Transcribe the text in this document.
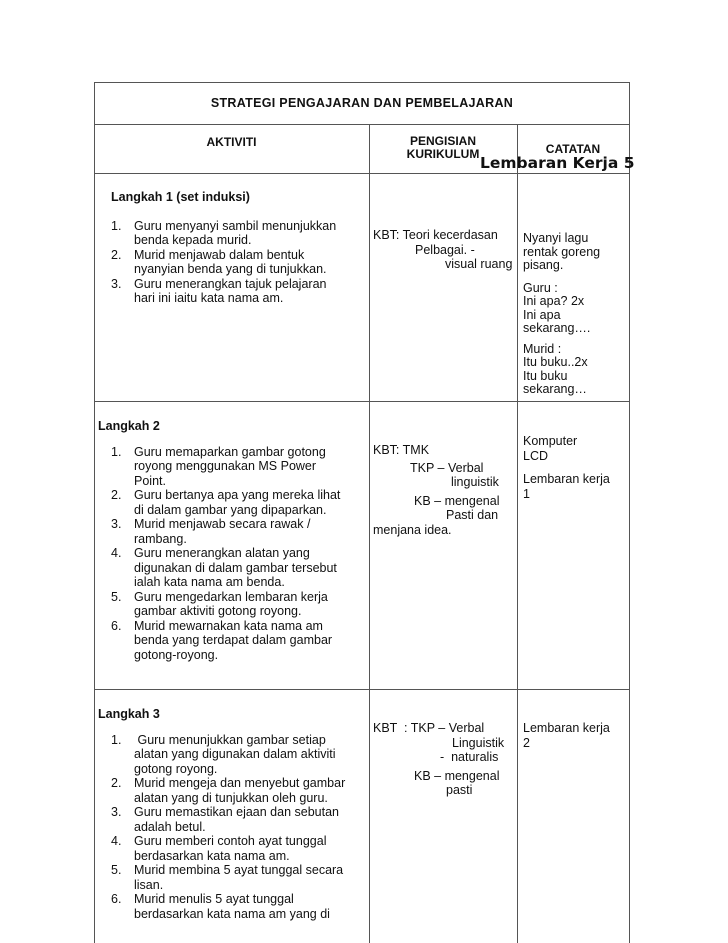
STRATEGI PENGAJARAN DAN PEMBELAJARAN
AKTIVITI	PENGISIAN
KURIKULUM	CATATAN
Lembaran Kerja 5
Langkah 1 (set induksi)
1. Guru menyanyi sambil menunjukkan
benda kepada murid.
2. Murid menjawab dalam bentuk
nyanyian benda yang di tunjukkan.
3. Guru menerangkan tajuk pelajaran
hari ini iaitu kata nama am.
KBT: Teori kecerdasan
Pelbagai. -
visual ruang
Nyanyi lagu
rentak goreng
pisang.
Guru :
Ini apa? 2x
Ini apa
sekarang….
Murid :
Itu buku..2x
Itu buku
sekarang…
Langkah 2
1. Guru memaparkan gambar gotong
royong menggunakan MS Power
Point.
2. Guru bertanya apa yang mereka lihat
di dalam gambar yang dipaparkan.
3. Murid menjawab secara rawak /
rambang.
4. Guru menerangkan alatan yang
digunakan di dalam gambar tersebut
ialah kata nama am benda.
5. Guru mengedarkan lembaran kerja
gambar aktiviti gotong royong.
6. Murid mewarnakan kata nama am
benda yang terdapat dalam gambar
gotong-royong.
KBT: TMK
TKP – Verbal
linguistik
KB – mengenal
Pasti dan
menjana idea.
Komputer
LCD
Lembaran kerja
1
Langkah 3
1. Guru menunjukkan gambar setiap
alatan yang digunakan dalam aktiviti
gotong royong.
2. Murid mengeja dan menyebut gambar
alatan yang di tunjukkan oleh guru.
3. Guru memastikan ejaan dan sebutan
adalah betul.
4. Guru memberi contoh ayat tunggal
berdasarkan kata nama am.
5. Murid membina 5 ayat tunggal secara
lisan.
6. Murid menulis 5 ayat tunggal
berdasarkan kata nama am yang di
KBT  : TKP – Verbal
Linguistik
-  naturalis
KB – mengenal
pasti
Lembaran kerja
2
